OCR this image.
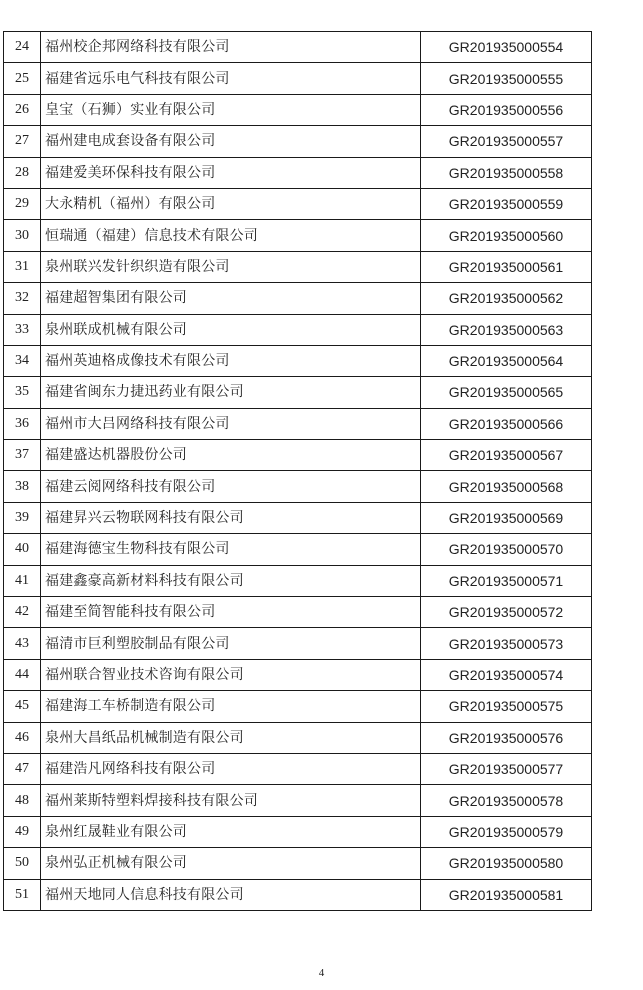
24	福州校企邦网络科技有限公司	GR201935000554
25	福建省远乐电气科技有限公司	GR201935000555
26	皇宝（石狮）实业有限公司	GR201935000556
27	福州建电成套设备有限公司	GR201935000557
28	福建爱美环保科技有限公司	GR201935000558
29	大永精机（福州）有限公司	GR201935000559
30	恒瑞通（福建）信息技术有限公司	GR201935000560
31	泉州联兴发针织织造有限公司	GR201935000561
32	福建超智集团有限公司	GR201935000562
33	泉州联成机械有限公司	GR201935000563
34	福州英迪格成像技术有限公司	GR201935000564
35	福建省闽东力捷迅药业有限公司	GR201935000565
36	福州市大吕网络科技有限公司	GR201935000566
37	福建盛达机器股份公司	GR201935000567
38	福建云阅网络科技有限公司	GR201935000568
39	福建昇兴云物联网科技有限公司	GR201935000569
40	福建海德宝生物科技有限公司	GR201935000570
41	福建鑫豪高新材料科技有限公司	GR201935000571
42	福建至简智能科技有限公司	GR201935000572
43	福清市巨利塑胶制品有限公司	GR201935000573
44	福州联合智业技术咨询有限公司	GR201935000574
45	福建海工车桥制造有限公司	GR201935000575
46	泉州大昌纸品机械制造有限公司	GR201935000576
47	福建浩凡网络科技有限公司	GR201935000577
48	福州莱斯特塑料焊接科技有限公司	GR201935000578
49	泉州红晟鞋业有限公司	GR201935000579
50	泉州弘正机械有限公司	GR201935000580
51	福州天地同人信息科技有限公司	GR201935000581
4
